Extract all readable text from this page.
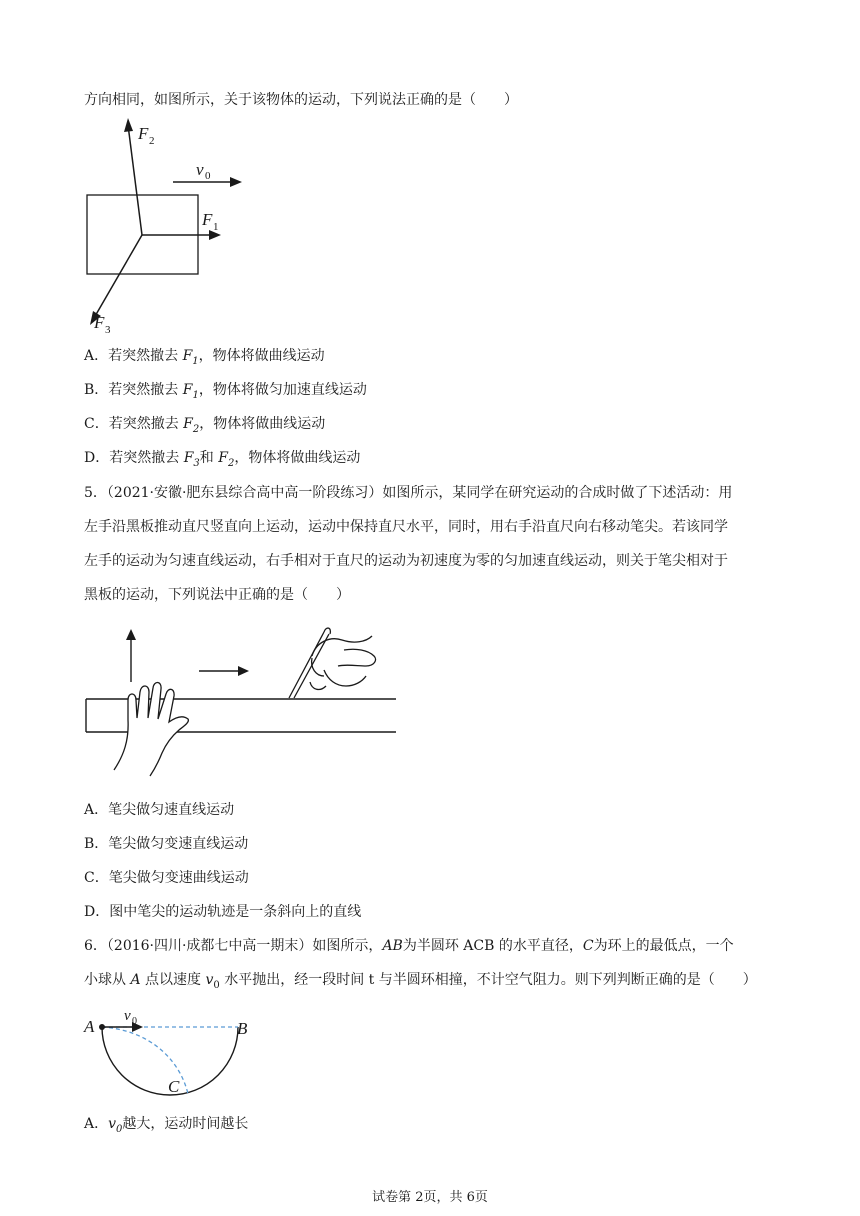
方向相同，如图所示，关于该物体的运动，下列说法正确的是（　　）
F 2
v 0
F 1
F 3
A．若突然撤去 $F_1$，物体将做曲线运动
B．若突然撤去 $F_1$，物体将做匀加速直线运动
C．若突然撤去 $F_2$，物体将做曲线运动
D．若突然撤去 $F_3$和 $F_2$，物体将做曲线运动
5．（2021·安徽·肥东县综合高中高一阶段练习）如图所示，某同学在研究运动的合成时做了下述活动：用
左手沿黑板推动直尺竖直向上运动，运动中保持直尺水平，同时，用右手沿直尺向右移动笔尖。若该同学
左手的运动为匀速直线运动，右手相对于直尺的运动为初速度为零的匀加速直线运动，则关于笔尖相对于
黑板的运动，下列说法中正确的是（　　）
A．笔尖做匀速直线运动
B．笔尖做匀变速直线运动
C．笔尖做匀变速曲线运动
D．图中笔尖的运动轨迹是一条斜向上的直线
6．（2016·四川·成都七中高一期末）如图所示，AB为半圆环 ACB 的水平直径，C为环上的最低点，一个
小球从 A 点以速度 $v_0$ 水平抛出，经一段时间 t 与半圆环相撞，不计空气阻力。则下列判断正确的是（　　）
A
v 0	B
C
A．$v_0$越大，运动时间越长
试卷第 2页，共 6页
